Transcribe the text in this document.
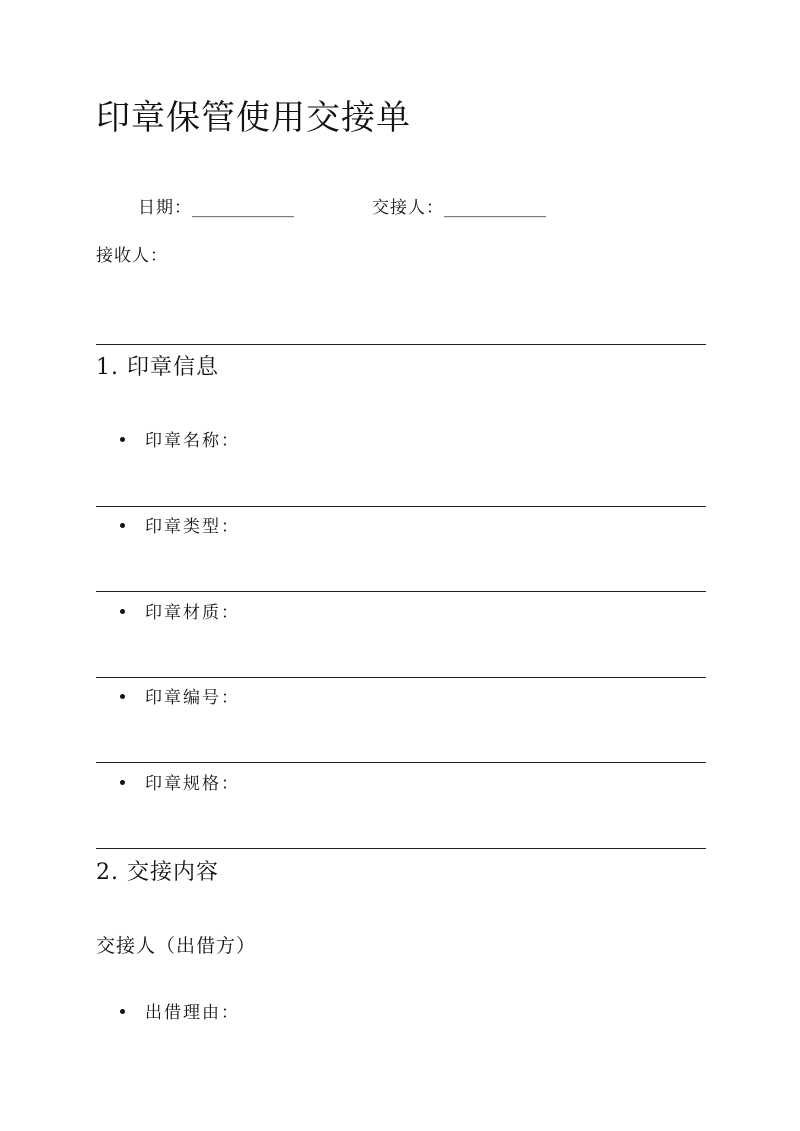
印章保管使用交接单
日期：____________	交接人：____________
接收人：
1. 印章信息
印章名称：
印章类型：
印章材质：
印章编号：
印章规格：
2. 交接内容
交接人（出借方）
出借理由：
